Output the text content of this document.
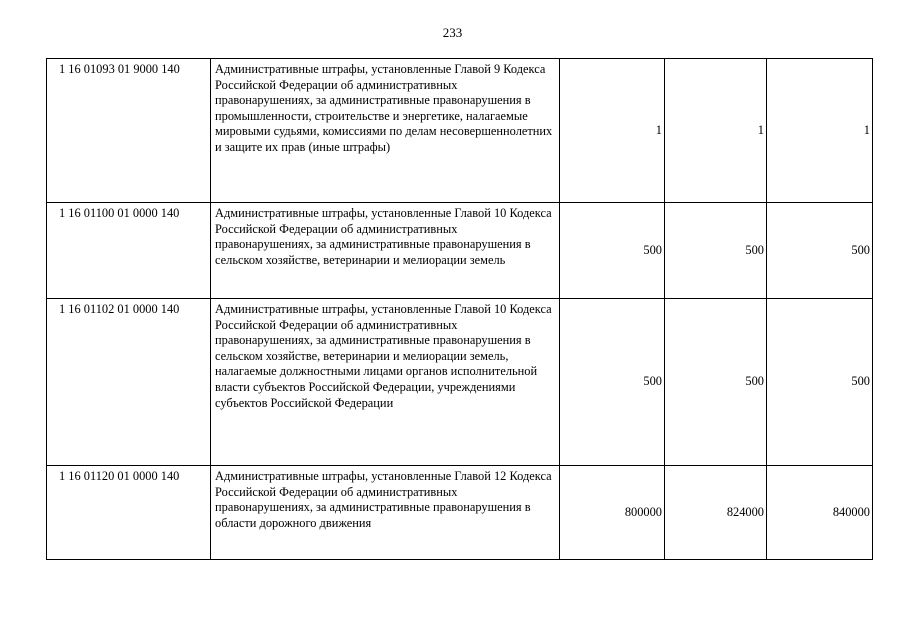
233
1 16 01093 01 9000 140	Административные штрафы, установленные Главой 9 Кодекса Российской Федерации об административных правонарушениях, за административные правонарушения в промышленности, строительстве и энергетике, налагаемые мировыми судьями, комиссиями по делам несовершеннолетних и защите их прав (иные штрафы)	1	1	1
1 16 01100 01 0000 140	Административные штрафы, установленные Главой 10 Кодекса Российской Федерации об административных правонарушениях, за административные правонарушения в сельском хозяйстве, ветеринарии и мелиорации земель	500	500	500
1 16 01102 01 0000 140	Административные штрафы, установленные Главой 10 Кодекса Российской Федерации об административных правонарушениях, за административные правонарушения в сельском хозяйстве, ветеринарии и мелиорации земель, налагаемые должностными лицами органов исполнительной власти субъектов Российской Федерации, учреждениями субъектов Российской Федерации	500	500	500
1 16 01120 01 0000 140	Административные штрафы, установленные Главой 12 Кодекса Российской Федерации об административных правонарушениях, за административные правонарушения в области дорожного движения	800000	824000	840000
